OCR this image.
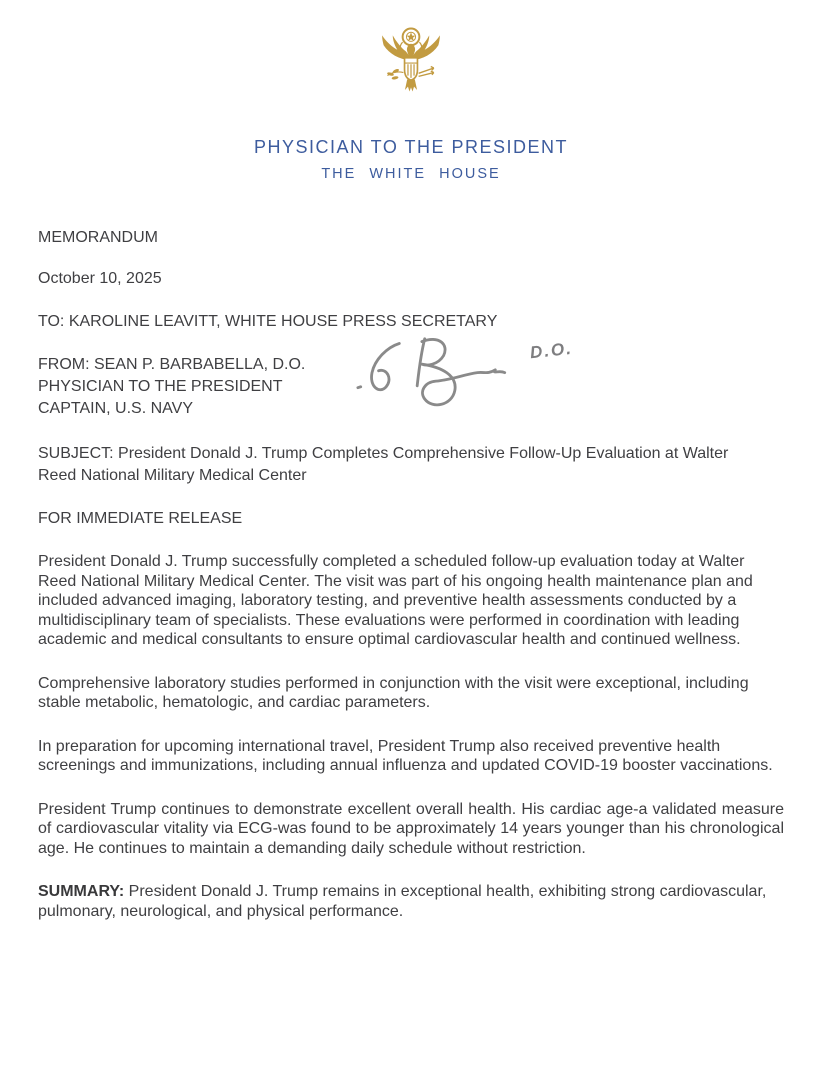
PHYSICIAN TO THE PRESIDENT
THE WHITE HOUSE
MEMORANDUM
October 10, 2025
TO: KAROLINE LEAVITT, WHITE HOUSE PRESS SECRETARY
FROM: SEAN P. BARBABELLA, D.O.
PHYSICIAN TO THE PRESIDENT
CAPTAIN, U.S. NAVY
D.O.
SUBJECT: President Donald J. Trump Completes Comprehensive Follow-Up Evaluation at Walter Reed National Military Medical Center
FOR IMMEDIATE RELEASE

President Donald J. Trump successfully completed a scheduled follow-up evaluation today at Walter Reed National Military Medical Center. The visit was part of his ongoing health maintenance plan and included advanced imaging, laboratory testing, and preventive health assessments conducted by a multidisciplinary team of specialists. These evaluations were performed in coordination with leading academic and medical consultants to ensure optimal cardiovascular health and continued wellness.

Comprehensive laboratory studies performed in conjunction with the visit were exceptional, including stable metabolic, hematologic, and cardiac parameters.

In preparation for upcoming international travel, President Trump also received preventive health screenings and immunizations, including annual influenza and updated COVID-19 booster vaccinations.

President Trump continues to demonstrate excellent overall health. His cardiac age-a validated measure of cardiovascular vitality via ECG-was found to be approximately 14 years younger than his chronological age. He continues to maintain a demanding daily schedule without restriction.

SUMMARY: President Donald J. Trump remains in exceptional health, exhibiting strong cardiovascular, pulmonary, neurological, and physical performance.
